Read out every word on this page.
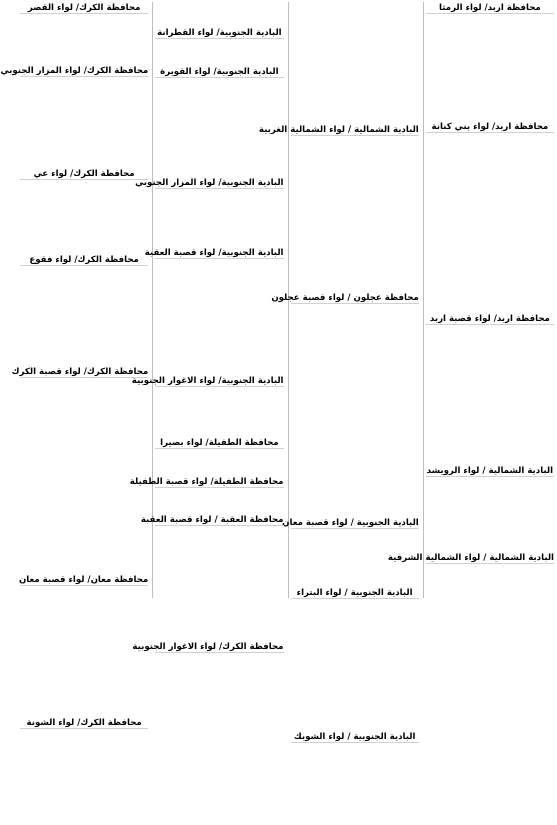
محافظة اربد/ لواء الرمثا
محافظة اربد/ لواء بني كنانة
محافظة اربد/ لواء قصبة اربد
البادية الشمالية / لواء الرويشد
البادية الشمالية / لواء الشمالية الشرقية
البادية الشمالية / لواء الشمالية الغربية
محافظة عجلون / لواء قصبة عجلون
البادية الجنوبية / لواء قصبة معان
البادية الجنوبية / لواء البتراء
البادية الجنوبية / لواء الشوبك
البادية الجنوبية/ لواء القطرانة
البادية الجنوبية/ لواء القويرة
البادية الجنوبية/ لواء المزار الجنوبي
البادية الجنوبية/ لواء قصبة العقبة
البادية الجنوبية/ لواء الاغوار الجنوبية
محافظة الطفيلة/ لواء بصيرا
محافظة الطفيلة/ لواء قصبة الطفيلة
محافظة العقبة / لواء قصبة العقبة
محافظة الكرك/ لواء الاغوار الجنوبية
محافظة الكرك/ لواء القصر
محافظة الكرك/ لواء المزار الجنوبي
محافظة الكرك/ لواء عي
محافظة الكرك/ لواء فقوع
محافظة الكرك/ لواء قصبة الكرك
محافظة معان/ لواء قصبة معان
محافظة الكرك/ لواء الشونة
